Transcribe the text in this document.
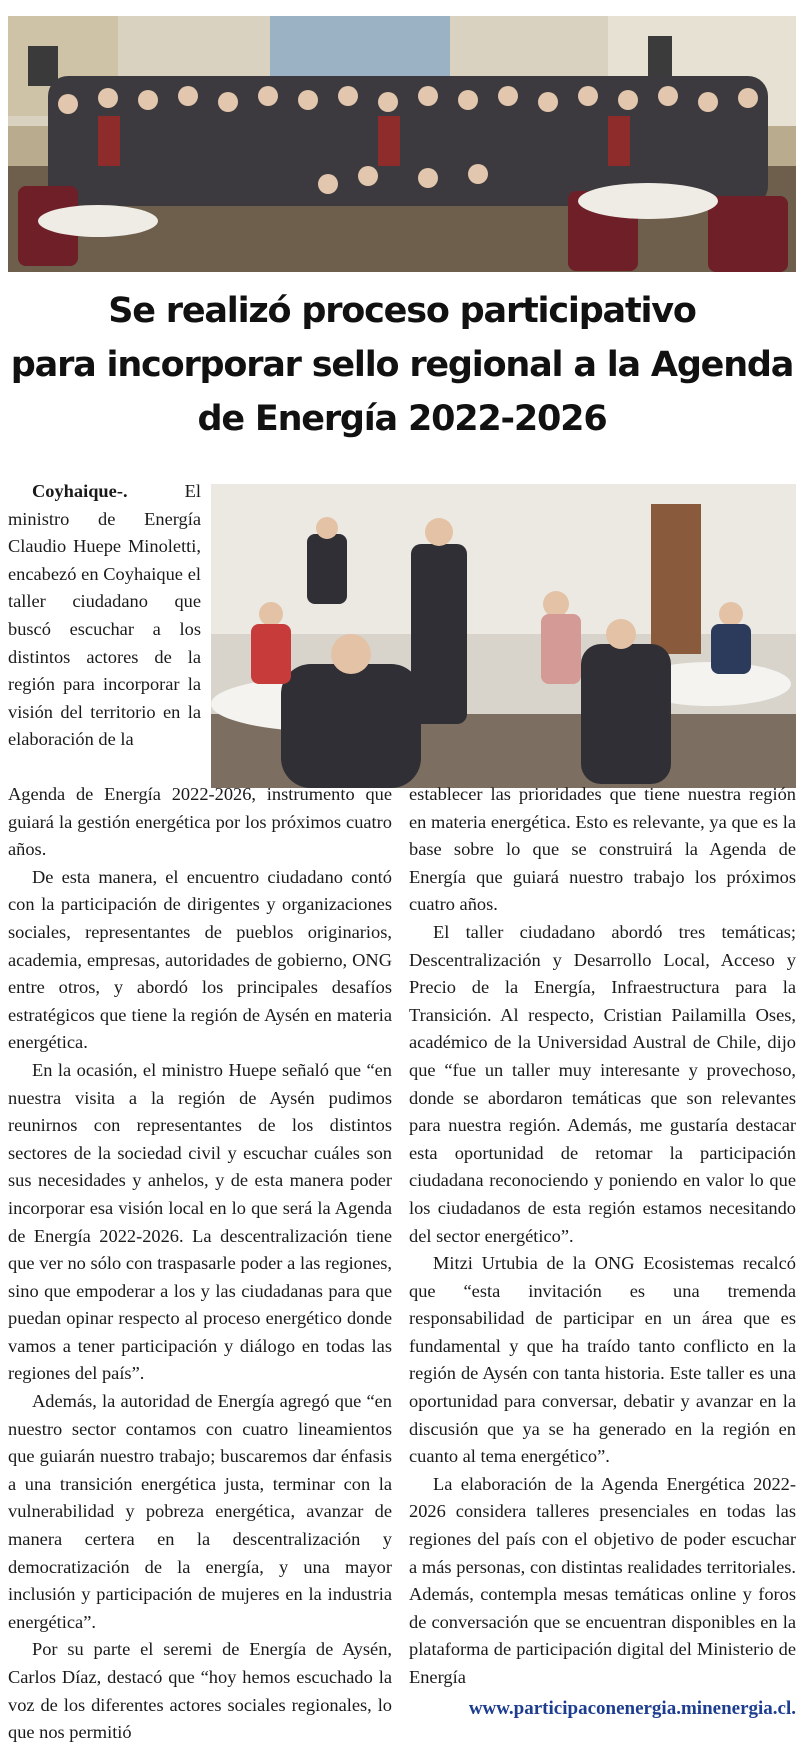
Se realizó proceso participativo
para incorporar sello regional a la Agenda
de Energía 2022-2026

Coyhaique-. El ministro de Energía Claudio Huepe Minoletti, encabezó en Coyhaique el taller ciudadano que buscó escuchar a los distintos actores de la región para incorporar la visión del territorio en la elaboración de la

Agenda de Energía 2022-2026, instrumento que guiará la gestión energética por los próximos cuatro años.

De esta manera, el encuentro ciudadano contó con la participación de dirigentes y organizaciones sociales, representantes de pueblos originarios, academia, empresas, autoridades de gobierno, ONG entre otros, y abordó los principales desafíos estratégicos que tiene la región de Aysén en materia energética.

En la ocasión, el ministro Huepe señaló que “en nuestra visita a la región de Aysén pudimos reunirnos con representantes de los distintos sectores de la sociedad civil y escuchar cuáles son sus necesidades y anhelos, y de esta manera poder incorporar esa visión local en lo que será la Agenda de Energía 2022-2026. La descentralización tiene que ver no sólo con traspasarle poder a las regiones, sino que empoderar a los y las ciudadanas para que puedan opinar respecto al proceso energético donde vamos a tener participación y diálogo en todas las regiones del país”.

Además, la autoridad de Energía agregó que “en nuestro sector contamos con cuatro lineamientos que guiarán nuestro trabajo; buscaremos dar énfasis a una transición energética justa, terminar con la vulnerabilidad y pobreza energética, avanzar de manera certera en la descentralización y democratización de la energía, y una mayor inclusión y participación de mujeres en la industria energética”.

Por su parte el seremi de Energía de Aysén, Carlos Díaz, destacó que “hoy hemos escuchado la voz de los diferentes actores sociales regionales, lo que nos permitió

establecer las prioridades que tiene nuestra región en materia energética. Esto es relevante, ya que es la base sobre lo que se construirá la Agenda de Energía que guiará nuestro trabajo los próximos cuatro años.

El taller ciudadano abordó tres temáticas; Descentralización y Desarrollo Local, Acceso y Precio de la Energía, Infraestructura para la Transición. Al respecto, Cristian Pailamilla Oses, académico de la Universidad Austral de Chile, dijo que “fue un taller muy interesante y provechoso, donde se abordaron temáticas que son relevantes para nuestra región. Además, me gustaría destacar esta oportunidad de retomar la participación ciudadana reconociendo y poniendo en valor lo que los ciudadanos de esta región estamos necesitando del sector energético”.

Mitzi Urtubia de la ONG Ecosistemas recalcó que “esta invitación es una tremenda responsabilidad de participar en un área que es fundamental y que ha traído tanto conflicto en la región de Aysén con tanta historia. Este taller es una oportunidad para conversar, debatir y avanzar en la discusión que ya se ha generado en la región en cuanto al tema energético”.

La elaboración de la Agenda Energética 2022-2026 considera talleres presenciales en todas las regiones del país con el objetivo de poder escuchar a más personas, con distintas realidades territoriales. Además, contempla mesas temáticas online y foros de conversación que se encuentran disponibles en la plataforma de participación digital del Ministerio de Energía

www.participaconenergia.minenergia.cl.
